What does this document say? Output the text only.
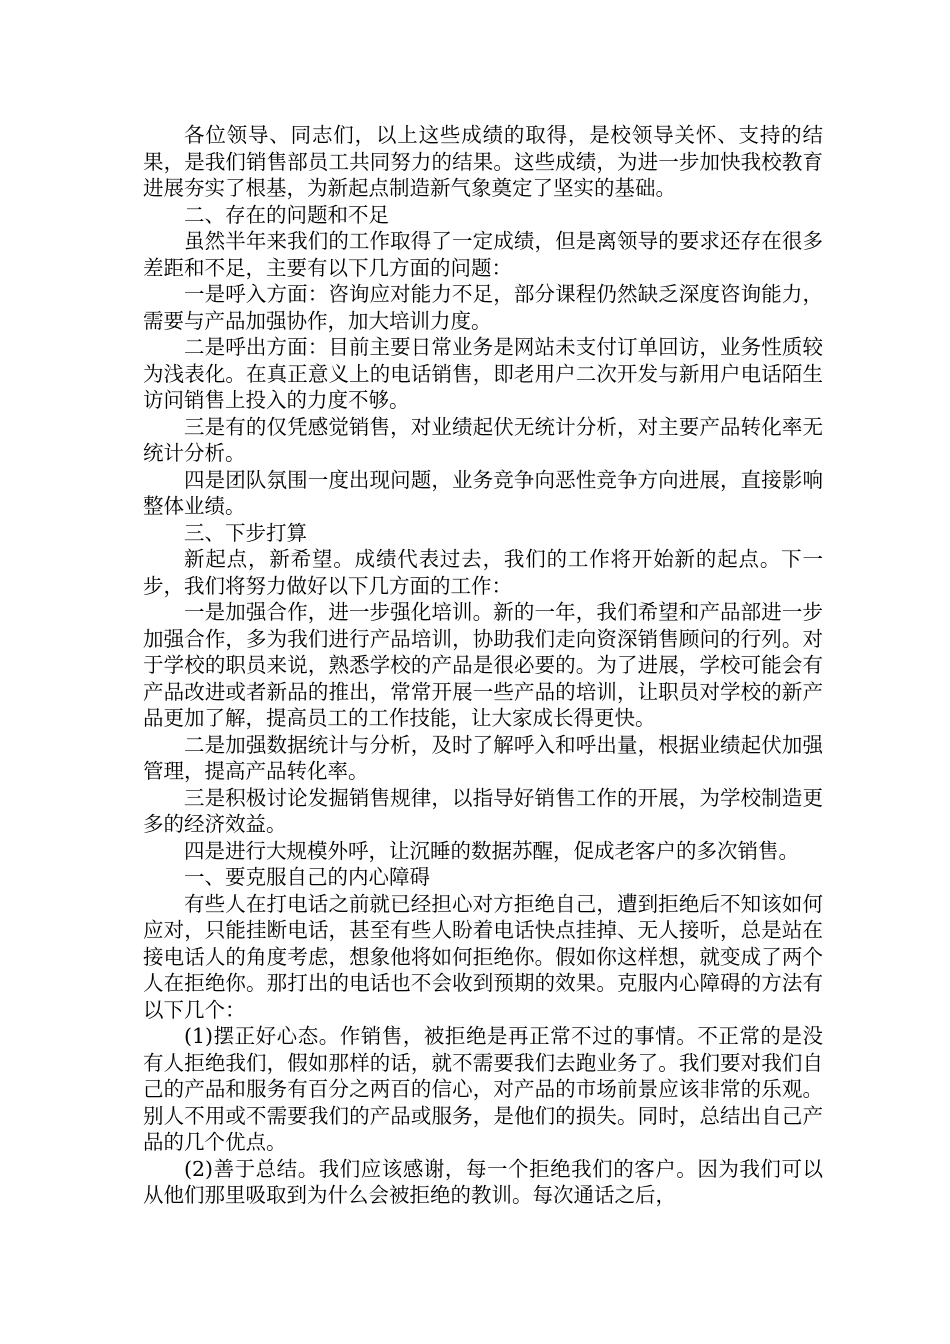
各位领导、同志们，以上这些成绩的取得，是校领导关怀、支持的结果，是我们销售部员工共同努力的结果。这些成绩，为进一步加快我校教育进展夯实了根基，为新起点制造新气象奠定了坚实的基础。

二、存在的问题和不足

虽然半年来我们的工作取得了一定成绩，但是离领导的要求还存在很多差距和不足，主要有以下几方面的问题：

一是呼入方面：咨询应对能力不足，部分课程仍然缺乏深度咨询能力，需要与产品加强协作，加大培训力度。

二是呼出方面：目前主要日常业务是网站未支付订单回访，业务性质较为浅表化。在真正意义上的电话销售，即老用户二次开发与新用户电话陌生访问销售上投入的力度不够。

三是有的仅凭感觉销售，对业绩起伏无统计分析，对主要产品转化率无统计分析。

四是团队氛围一度出现问题，业务竞争向恶性竞争方向进展，直接影响整体业绩。

三、下步打算

新起点，新希望。成绩代表过去，我们的工作将开始新的起点。下一步，我们将努力做好以下几方面的工作：

一是加强合作，进一步强化培训。新的一年，我们希望和产品部进一步加强合作，多为我们进行产品培训，协助我们走向资深销售顾问的行列。对于学校的职员来说，熟悉学校的产品是很必要的。为了进展，学校可能会有产品改进或者新品的推出，常常开展一些产品的培训，让职员对学校的新产品更加了解，提高员工的工作技能，让大家成长得更快。

二是加强数据统计与分析，及时了解呼入和呼出量，根据业绩起伏加强管理，提高产品转化率。

三是积极讨论发掘销售规律，以指导好销售工作的开展，为学校制造更多的经济效益。

四是进行大规模外呼，让沉睡的数据苏醒，促成老客户的多次销售。

一、要克服自己的内心障碍

有些人在打电话之前就已经担心对方拒绝自己，遭到拒绝后不知该如何应对，只能挂断电话，甚至有些人盼着电话快点挂掉、无人接听，总是站在接电话人的角度考虑，想象他将如何拒绝你。假如你这样想，就变成了两个人在拒绝你。那打出的电话也不会收到预期的效果。克服内心障碍的方法有以下几个：

(1)摆正好心态。作销售，被拒绝是再正常不过的事情。不正常的是没有人拒绝我们，假如那样的话，就不需要我们去跑业务了。我们要对我们自己的产品和服务有百分之两百的信心，对产品的市场前景应该非常的乐观。别人不用或不需要我们的产品或服务，是他们的损失。同时，总结出自己产品的几个优点。

(2)善于总结。我们应该感谢，每一个拒绝我们的客户。因为我们可以从他们那里吸取到为什么会被拒绝的教训。每次通话之后，
